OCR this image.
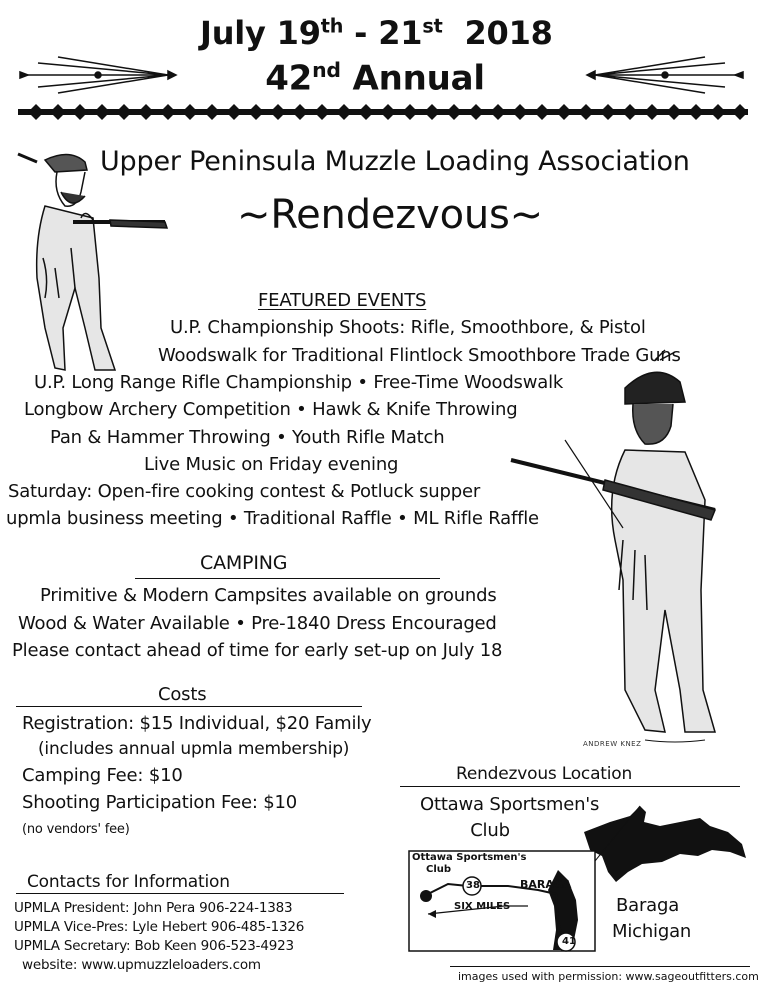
July 19th - 21st 2018
42nd Annual
Upper Peninsula Muzzle Loading Association
~Rendezvous~
ANDREW KNEZ
FEATURED EVENTS
U.P. Championship Shoots: Rifle, Smoothbore, & Pistol
Woodswalk for Traditional Flintlock Smoothbore Trade Guns
U.P. Long Range Rifle Championship • Free-Time Woodswalk
Longbow Archery Competition • Hawk & Knife Throwing
Pan & Hammer Throwing • Youth Rifle Match
Live Music on Friday evening
Saturday: Open-fire cooking contest & Potluck supper
upmla business meeting • Traditional Raffle • ML Rifle Raffle
CAMPING
Primitive & Modern Campsites available on grounds
Wood & Water Available • Pre-1840 Dress Encouraged
Please contact ahead of time for early set-up on July 18
Costs
Registration: $15 Individual, $20 Family
(includes annual upmla membership)
Camping Fee: $10
Shooting Participation Fee: $10
(no vendors' fee)
Contacts for Information
UPMLA President: John Pera 906-224-1383
UPMLA Vice-Pres: Lyle Hebert 906-485-1326
UPMLA Secretary: Bob Keen 906-523-4923
website: www.upmuzzleloaders.com
Rendezvous Location
Ottawa Sportsmen's
Club
Ottawa Sportsmen's
Club
38	BARAGA
SIX MILES
41
Baraga
Michigan
images used with permission: www.sageoutfitters.com
